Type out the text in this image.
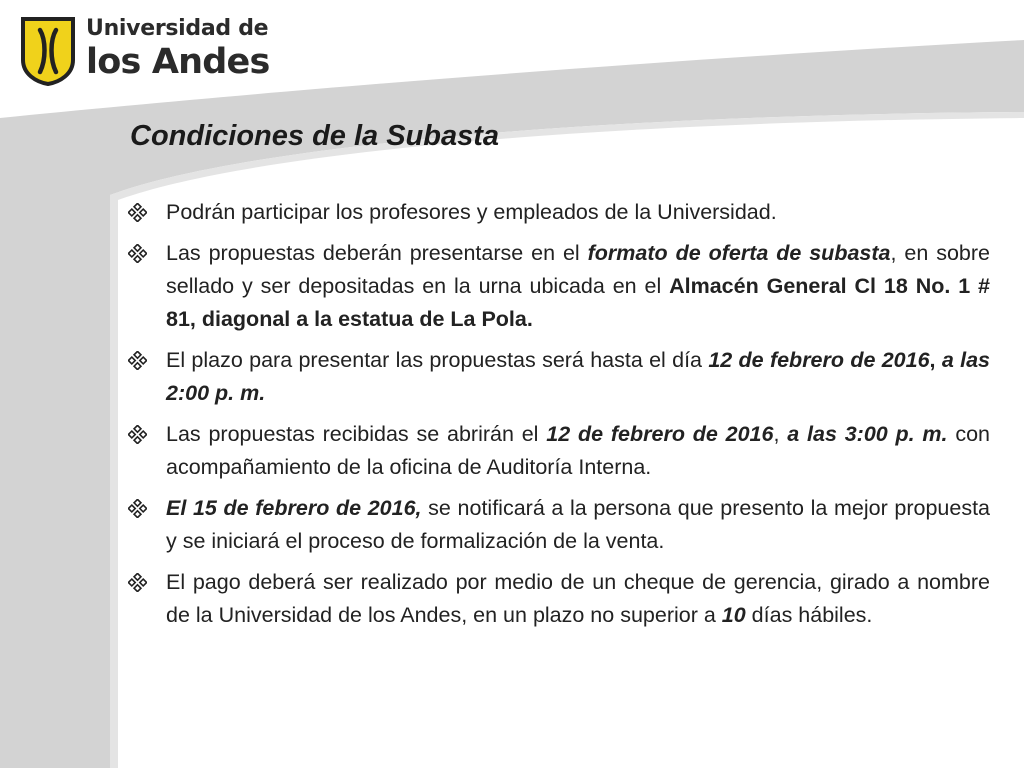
Universidad de
los Andes
Condiciones de la Subasta
Podrán participar los profesores y empleados de la Universidad.
Las propuestas deberán presentarse en el formato de oferta de subasta, en sobre sellado y ser depositadas en la urna ubicada en el Almacén General Cl 18 No. 1 # 81, diagonal a la estatua de La Pola.
El plazo para presentar las propuestas será hasta el día 12 de febrero de 2016, a las 2:00 p. m.
Las propuestas recibidas se abrirán el 12 de febrero de 2016, a las 3:00 p. m. con acompañamiento de la oficina de Auditoría Interna.
El 15 de febrero de 2016, se notificará a la persona que presento la mejor propuesta y se iniciará el proceso de formalización de la venta.
El pago deberá ser realizado por medio de un cheque de gerencia, girado a nombre de la Universidad de los Andes, en un plazo no superior a 10 días hábiles.
